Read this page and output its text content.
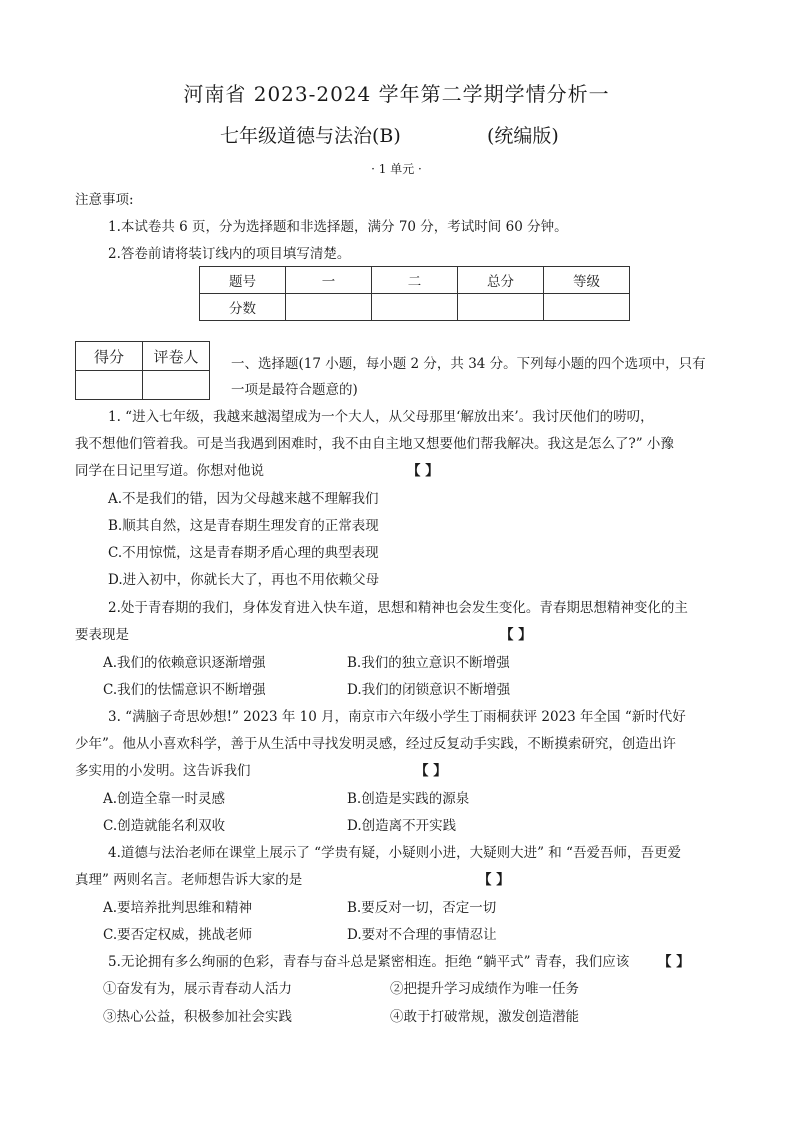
河南省 2023-2024 学年第二学期学情分析一
七年级道德与法治(B)	(统编版)
· 1 单元 ·
注意事项:
1.本试卷共 6 页，分为选择题和非选择题，满分 70 分，考试时间 60 分钟。
2.答卷前请将装订线内的项目填写清楚。
题号	一	二	总分	等级
分数				
得分	评卷人
	一、选择题(17 小题，每小题 2 分，共 34 分。下列每小题的四个选项中，只有
一项是最符合题意的)
1. “进入七年级，我越来越渴望成为一个大人，从父母那里‘解放出来’。我讨厌他们的唠叨，
我不想他们管着我。可是当我遇到困难时，我不由自主地又想要他们帮我解决。我这是怎么了?” 小豫
同学在日记里写道。你想对他说	【 】
A.不是我们的错，因为父母越来越不理解我们
B.顺其自然，这是青春期生理发育的正常表现
C.不用惊慌，这是青春期矛盾心理的典型表现
D.进入初中，你就长大了，再也不用依赖父母
2.处于青春期的我们，身体发育进入快车道，思想和精神也会发生变化。青春期思想精神变化的主
要表现是	【 】
A.我们的依赖意识逐渐增强	B.我们的独立意识不断增强
C.我们的怯懦意识不断增强	D.我们的闭锁意识不断增强
3. “满脑子奇思妙想!” 2023 年 10 月，南京市六年级小学生丁雨桐获评 2023 年全国 “新时代好
少年”。他从小喜欢科学，善于从生活中寻找发明灵感，经过反复动手实践，不断摸索研究，创造出许
多实用的小发明。这告诉我们	【 】
A.创造全靠一时灵感	B.创造是实践的源泉
C.创造就能名利双收	D.创造离不开实践
4.道德与法治老师在课堂上展示了 “学贵有疑，小疑则小进，大疑则大进” 和 “吾爱吾师，吾更爱
真理” 两则名言。老师想告诉大家的是	【 】
A.要培养批判思维和精神	B.要反对一切，否定一切
C.要否定权威，挑战老师	D.要对不合理的事情忍让
5.无论拥有多么绚丽的色彩，青春与奋斗总是紧密相连。拒绝 “躺平式” 青春，我们应该 【 】
①奋发有为，展示青春动人活力	②把提升学习成绩作为唯一任务
③热心公益，积极参加社会实践	④敢于打破常规，激发创造潜能
